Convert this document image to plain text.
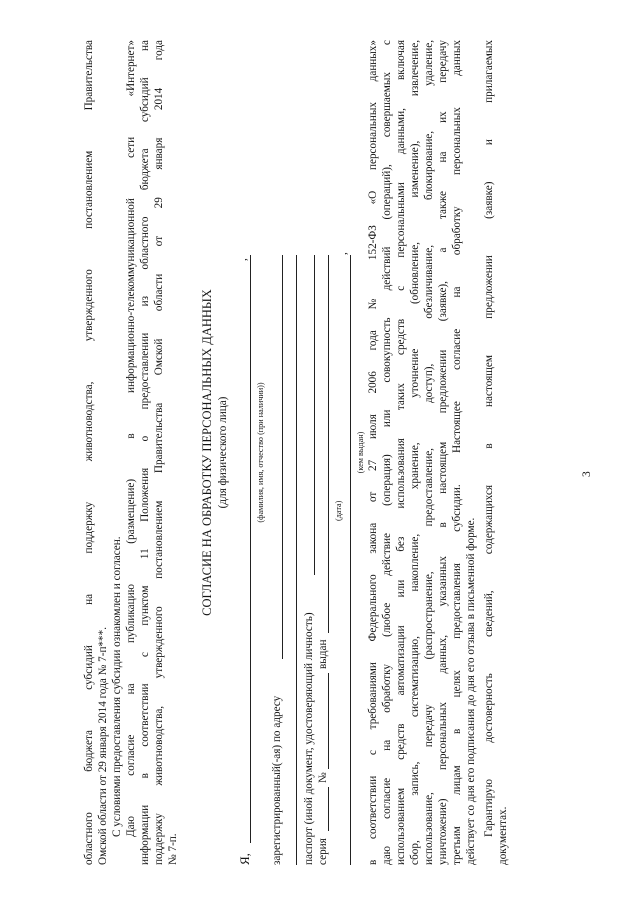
3
областного бюджета субсидий на поддержку животноводства, утвержденного постановлением Правительства Омской области от 29 января 2014 года № 7-п***. С условиями предоставления субсидии ознакомлен и согласен. Даю согласие на публикацию (размещение) в информационно-телекоммуникационной сети «Интернет» информации в соответствии с пунктом 11 Положения о предоставлении из областного бюджета субсидий на поддержку животноводства, утвержденного постановлением Правительства Омской области от 29 января 2014 года № 7-п.
СОГЛАСИЕ НА ОБРАБОТКУ ПЕРСОНАЛЬНЫХ ДАННЫХ (для физического лица)
Я,
,
(фамилия, имя, отчество (при наличии))
зарегистрированный(-ая) по адресу паспорт (иной документ, удостоверяющий личность) серия
№
выдан
(дата)
,
(кем выдан) в соответствии с требованиями Федерального закона от 27 июля 2006 года № 152-ФЗ «О персональных данных» даю согласие на обработку (любое действие (операция) или совокупность действий (операций), совершаемых с использованием средств автоматизации или без использования таких средств с персональными данными, включая сбор, запись, систематизацию, накопление, хранение, уточнение (обновление, изменение), извлечение, использование, передачу (распространение, предоставление, доступ), обезличивание, блокирование, удаление, уничтожение) персональных данных, указанных в настоящем предложении (заявке), а также на их передачу третьим лицам в целях предоставления субсидии. Настоящее согласие на обработку персональных данных действует со дня его подписания до дня его отзыва в письменной форме. Гарантирую достоверность сведений, содержащихся в настоящем предложении (заявке) и прилагаемых документах.
